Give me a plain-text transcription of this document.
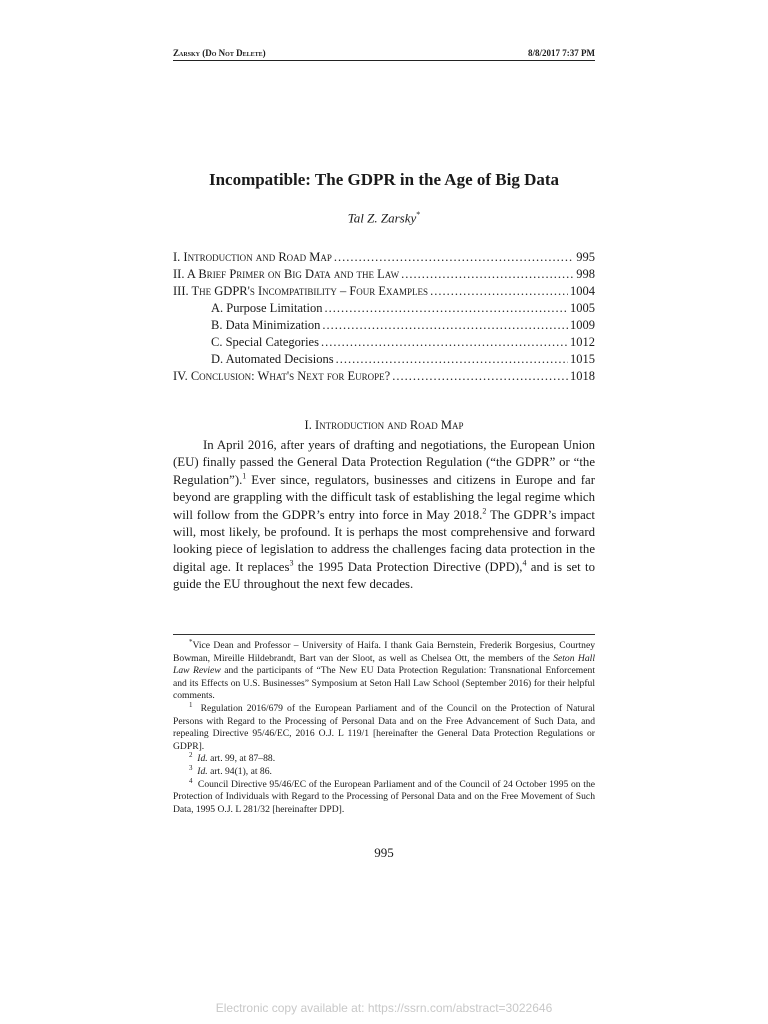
Zarsky (Do Not Delete)	8/8/2017 7:37 PM
Incompatible: The GDPR in the Age of Big Data
Tal Z. Zarsky*
I. Introduction and Road Map .....	995
II. A Brief Primer on Big Data and the Law .....	998
III. The GDPR's Incompatibility – Four Examples .....	1004
A. Purpose Limitation .....	1005
B. Data Minimization .....	1009
C. Special Categories .....	1012
D. Automated Decisions .....	1015
IV. Conclusion: What's Next for Europe? .....	1018
I. Introduction and Road Map

In April 2016, after years of drafting and negotiations, the European Union (EU) finally passed the General Data Protection Regulation (“the GDPR” or “the Regulation”).$^1$ Ever since, regulators, businesses and citizens in Europe and far beyond are grappling with the difficult task of establishing the legal regime which will follow from the GDPR’s entry into force in May 2018.$^2$ The GDPR’s impact will, most likely, be profound. It is perhaps the most comprehensive and forward looking piece of legislation to address the challenges facing data protection in the digital age. It replaces$^3$ the 1995 Data Protection Directive (DPD),$^4$ and is set to guide the EU throughout the next few decades.

*Vice Dean and Professor – University of Haifa. I thank Gaia Bernstein, Frederik Borgesius, Courtney Bowman, Mireille Hildebrandt, Bart van der Sloot, as well as Chelsea Ott, the members of the Seton Hall Law Review and the participants of “The New EU Data Protection Regulation: Transnational Enforcement and its Effects on U.S. Businesses” Symposium at Seton Hall Law School (September 2016) for their helpful comments.

$^1$ Regulation 2016/679 of the European Parliament and of the Council on the Protection of Natural Persons with Regard to the Processing of Personal Data and on the Free Advancement of Such Data, and repealing Directive 95/46/EC, 2016 O.J. L 119/1 [hereinafter the General Data Protection Regulations or GDPR].

$^2$ Id. art. 99, at 87–88.

$^3$ Id. art. 94(1), at 86.

$^4$ Council Directive 95/46/EC of the European Parliament and of the Council of 24 October 1995 on the Protection of Individuals with Regard to the Processing of Personal Data and on the Free Movement of Such Data, 1995 O.J. L 281/32 [hereinafter DPD].

995
Electronic copy available at: https://ssrn.com/abstract=3022646
